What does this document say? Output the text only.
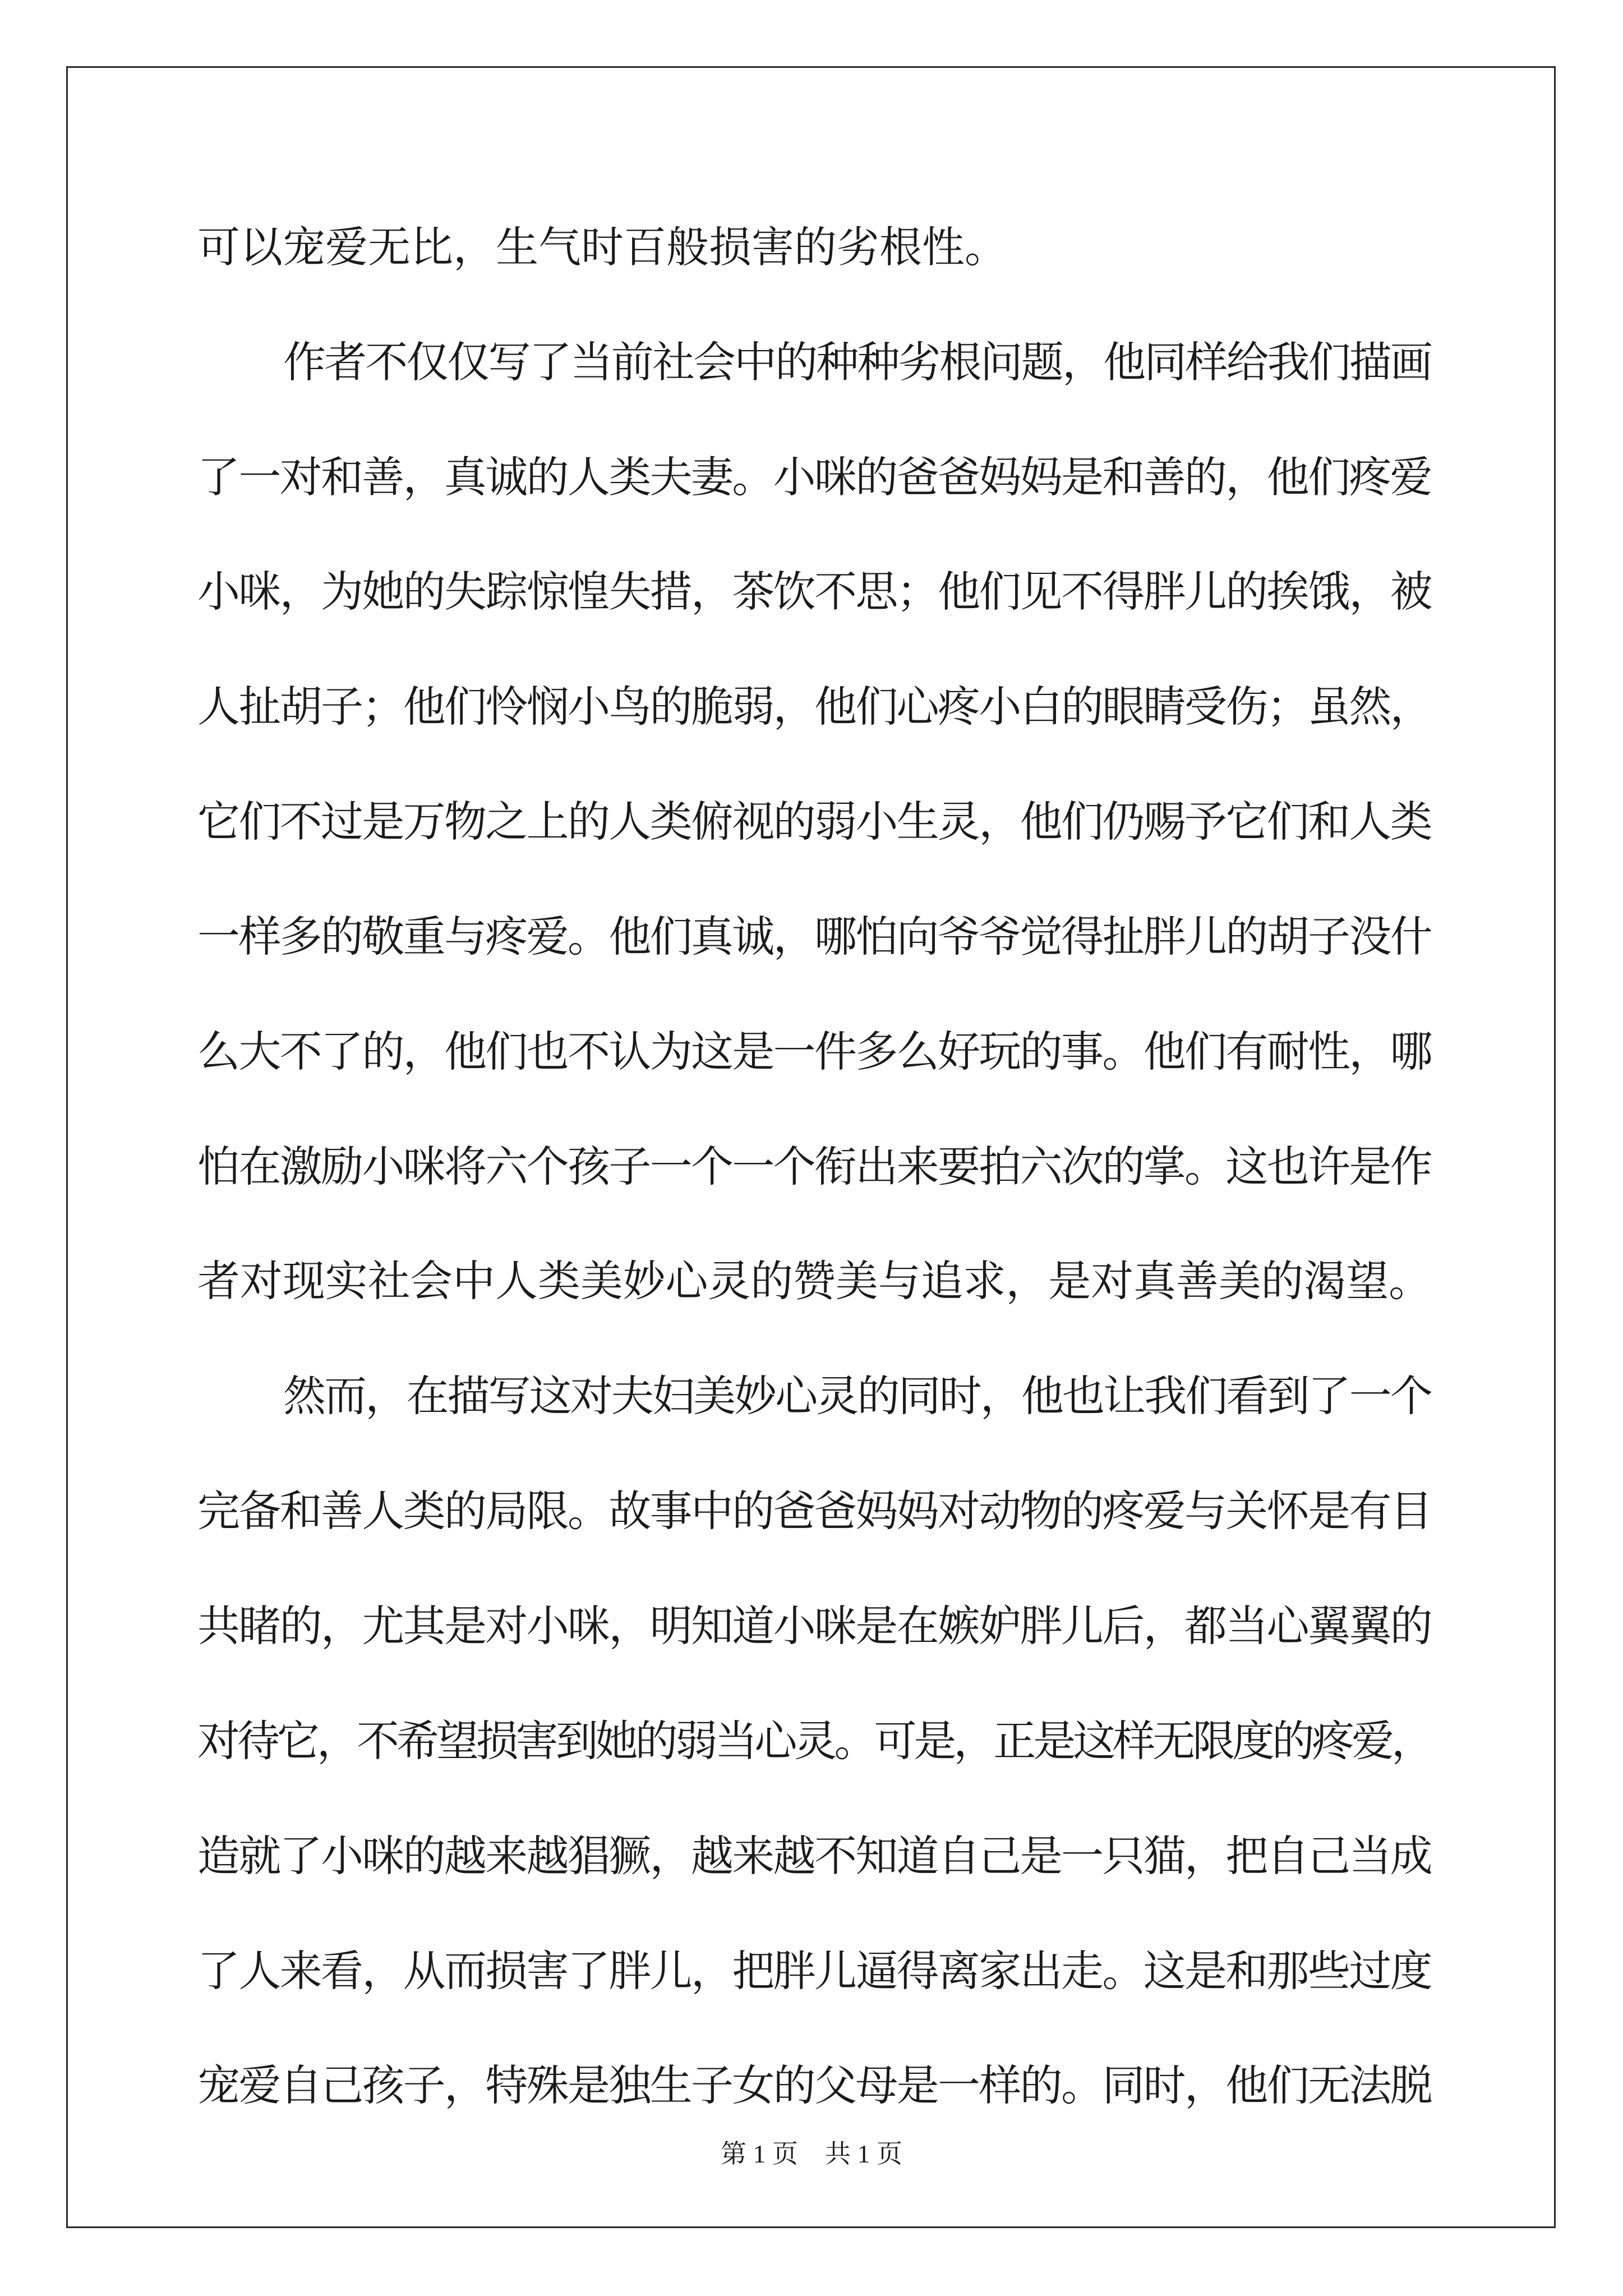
可以宠爱无比，生气时百般损害的劣根性。
作者不仅仅写了当前社会中的种种劣根问题，他同样给我们描画
了一对和善，真诚的人类夫妻。小咪的爸爸妈妈是和善的，他们疼爱
小咪，为她的失踪惊惶失措，茶饮不思；他们见不得胖儿的挨饿，被
人扯胡子；他们怜悯小鸟的脆弱，他们心疼小白的眼睛受伤；虽然，
它们不过是万物之上的人类俯视的弱小生灵，他们仍赐予它们和人类
一样多的敬重与疼爱。他们真诚，哪怕向爷爷觉得扯胖儿的胡子没什
么大不了的，他们也不认为这是一件多么好玩的事。他们有耐性，哪
怕在激励小咪将六个孩子一个一个衔出来要拍六次的掌。这也许是作
者对现实社会中人类美妙心灵的赞美与追求，是对真善美的渴望。
然而，在描写这对夫妇美妙心灵的同时，他也让我们看到了一个
完备和善人类的局限。故事中的爸爸妈妈对动物的疼爱与关怀是有目
共睹的，尤其是对小咪，明知道小咪是在嫉妒胖儿后，都当心翼翼的
对待它，不希望损害到她的弱当心灵。可是，正是这样无限度的疼爱，
造就了小咪的越来越猖獗，越来越不知道自己是一只猫，把自己当成
了人来看，从而损害了胖儿，把胖儿逼得离家出走。这是和那些过度
宠爱自己孩子，特殊是独生子女的父母是一样的。同时，他们无法脱
第 1 页 共 1 页
